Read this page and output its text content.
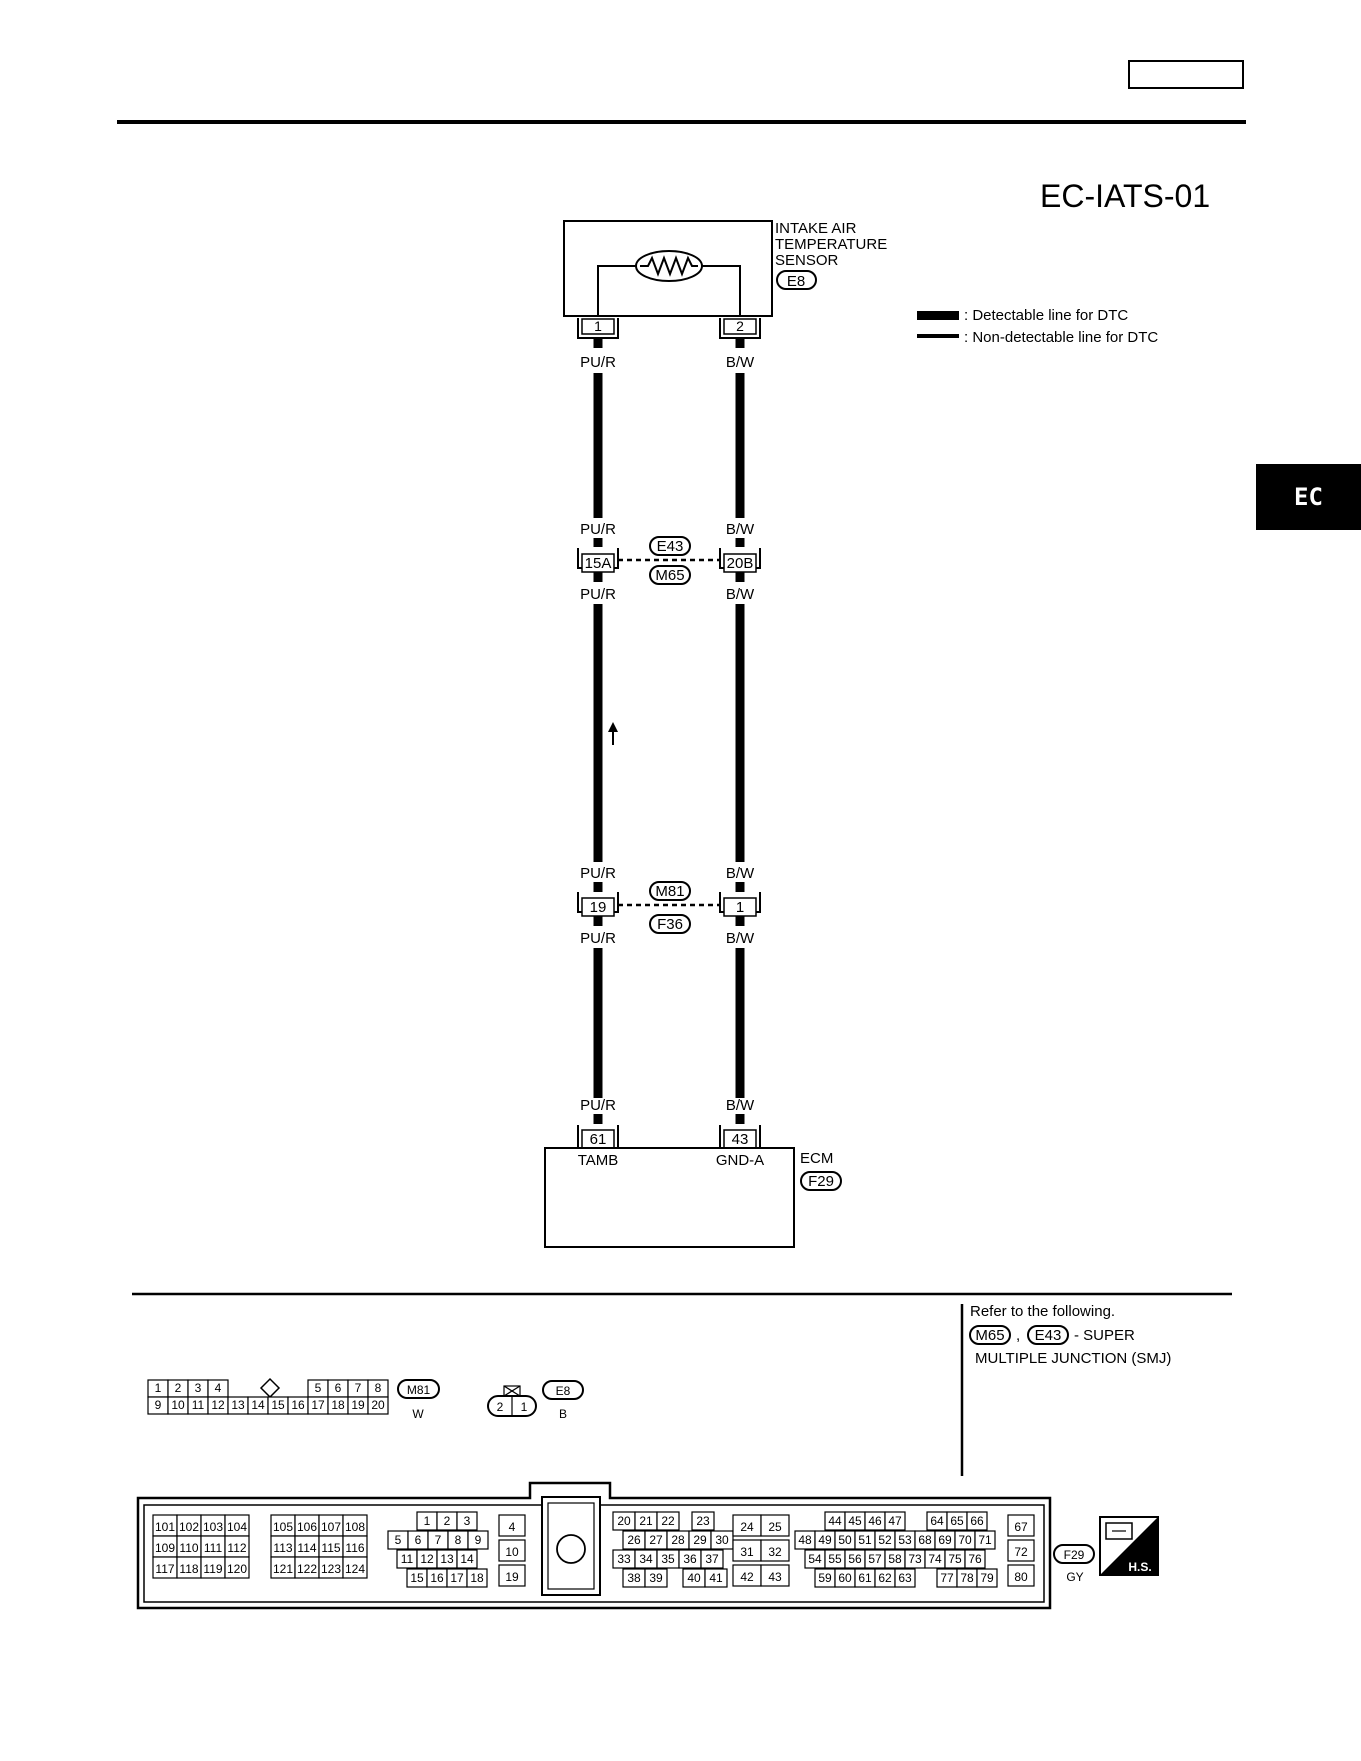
EC
EC-IATS-01
INTAKE AIR
TEMPERATURE
SENSOR
E8
1	2
PU/R	B/W
PU/R	B/W
15A	20B
E43
M65
PU/R	B/W
PU/R	B/W
19	1
M81
F36
PU/R	B/W
PU/R	B/W
61	43
TAMB	GND-A ECM
F29
: Detectable line for DTC
: Non-detectable line for DTC
Refer to the following.
M65 , E43 - SUPER
MULTIPLE JUNCTION (SMJ)
1 2 3 4	5 6 7 8
9 10 11 12 13 14 15 16 17 18 19 20
M81
W	2 1
E8
B
101 102 103 104
109 110 111 112
117 118 119 120
105 106 107 108
113 114 115 116
121 122 123 124
1 2 3
5 6 7 8 9
11 12 13 14
15 16 17 18
4
10
19
20 21 22 23
26 27 28 29 30
33 34 35 36 37
38 39 40 41
24 25
31 32
42 43
44 45 46 47 64 65 66
48 49 50 51 52 53 68 69 70 71
54 55 56 57 58 73 74 75 76
59 60 61 62 63 77 78 79
67
72
80
F29
GY
H.S.
